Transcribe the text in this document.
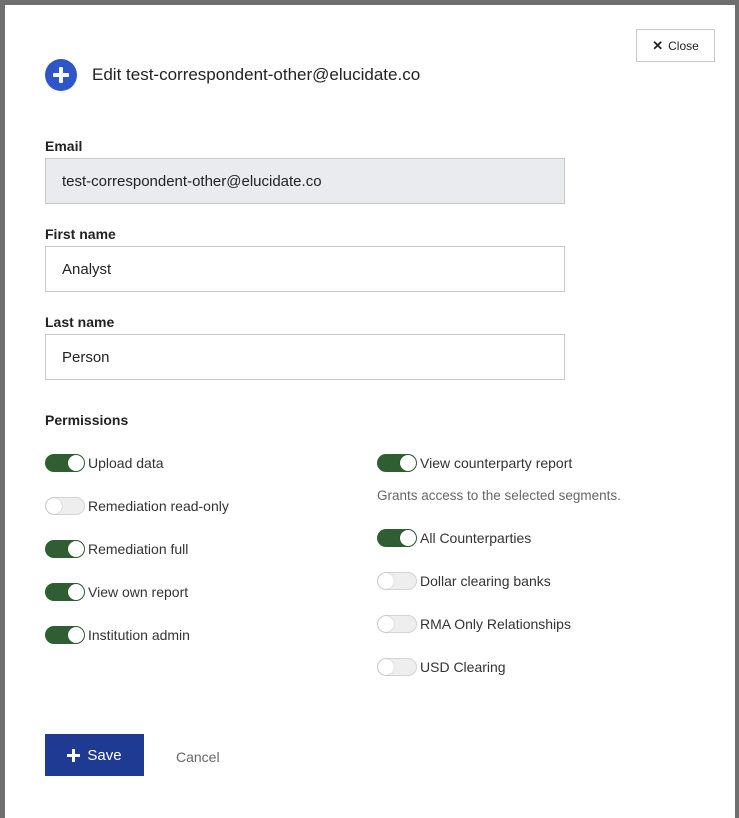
✕ Close
Edit test-correspondent-other@elucidate.co
Email
test-correspondent-other@elucidate.co
First name
Analyst
Last name
Person
Permissions
Upload data
Remediation read-only
Remediation full
View own report
Institution admin
View counterparty report
Grants access to the selected segments.
All Counterparties
Dollar clearing banks
RMA Only Relationships
USD Clearing
Save	Cancel
